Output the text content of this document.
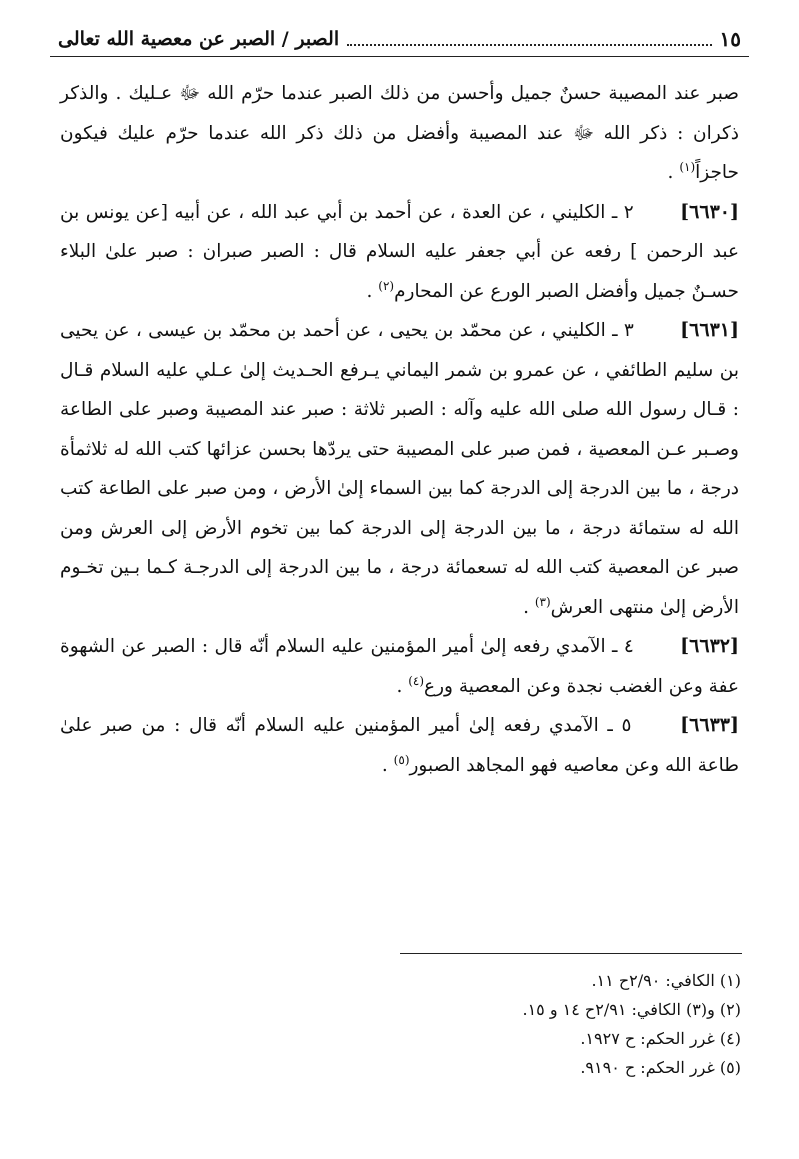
الصبر / الصبر عن معصية الله تعالى	١٥

صبر عند المصيبة حسنٌ جميل وأحسن من ذلك الصبر عندما حرّم الله ﷻ عـليك . والذكر ذكران : ذكر الله ﷻ عند المصيبة وأفضل من ذلك ذكر الله عندما حرّم عليك فيكون حاجزاً$^{(١)}$ .

[٦٦٣٠] ٢ ـ الكليني ، عن العدة ، عن أحمد بن أبي عبد الله ، عن أبيه [عن يونس بن عبد الرحمن ] رفعه عن أبي جعفر عليه السلام قال : الصبر صبران : صبر علىٰ البلاء حسـنٌ جميل وأفضل الصبر الورع عن المحارم$^{(٢)}$ .

[٦٦٣١] ٣ ـ الكليني ، عن محمّد بن يحيى ، عن أحمد بن محمّد بن عيسى ، عن يحيى بن سليم الطائفي ، عن عمرو بن شمر اليماني يـرفع الحـديث إلىٰ عـلي عليه السلام قـال : قـال رسول الله صلى الله عليه وآله : الصبر ثلاثة : صبر عند المصيبة وصبر على الطاعة وصـبر عـن المعصية ، فمن صبر على المصيبة حتى يردّها بحسن عزائها كتب الله له ثلاثمأة درجة ، ما بين الدرجة إلى الدرجة كما بين السماء إلىٰ الأرض ، ومن صبر على الطاعة كتب الله له ستمائة درجة ، ما بين الدرجة إلى الدرجة كما بين تخوم الأرض إلى العرش ومن صبر عن المعصية كتب الله له تسعمائة درجة ، ما بين الدرجة إلى الدرجـة كـما بـين تخـوم الأرض إلىٰ منتهى العرش$^{(٣)}$ .

[٦٦٣٢] ٤ ـ الآمدي رفعه إلىٰ أمير المؤمنين عليه السلام أنّه قال : الصبر عن الشهوة عفة وعن الغضب نجدة وعن المعصية ورع$^{(٤)}$ .

[٦٦٣٣] ٥ ـ الآمدي رفعه إلىٰ أمير المؤمنين عليه السلام أنّه قال : من صبر علىٰ طاعة الله وعن معاصيه فهو المجاهد الصبور$^{(٥)}$ .

(١) الكافي: ٢/٩٠ح ١١.

(٢) و(٣) الكافي: ٢/٩١ح ١٤ و ١٥.

(٤) غرر الحكم: ح ١٩٢٧.

(٥) غرر الحكم: ح ٩١٩٠.
